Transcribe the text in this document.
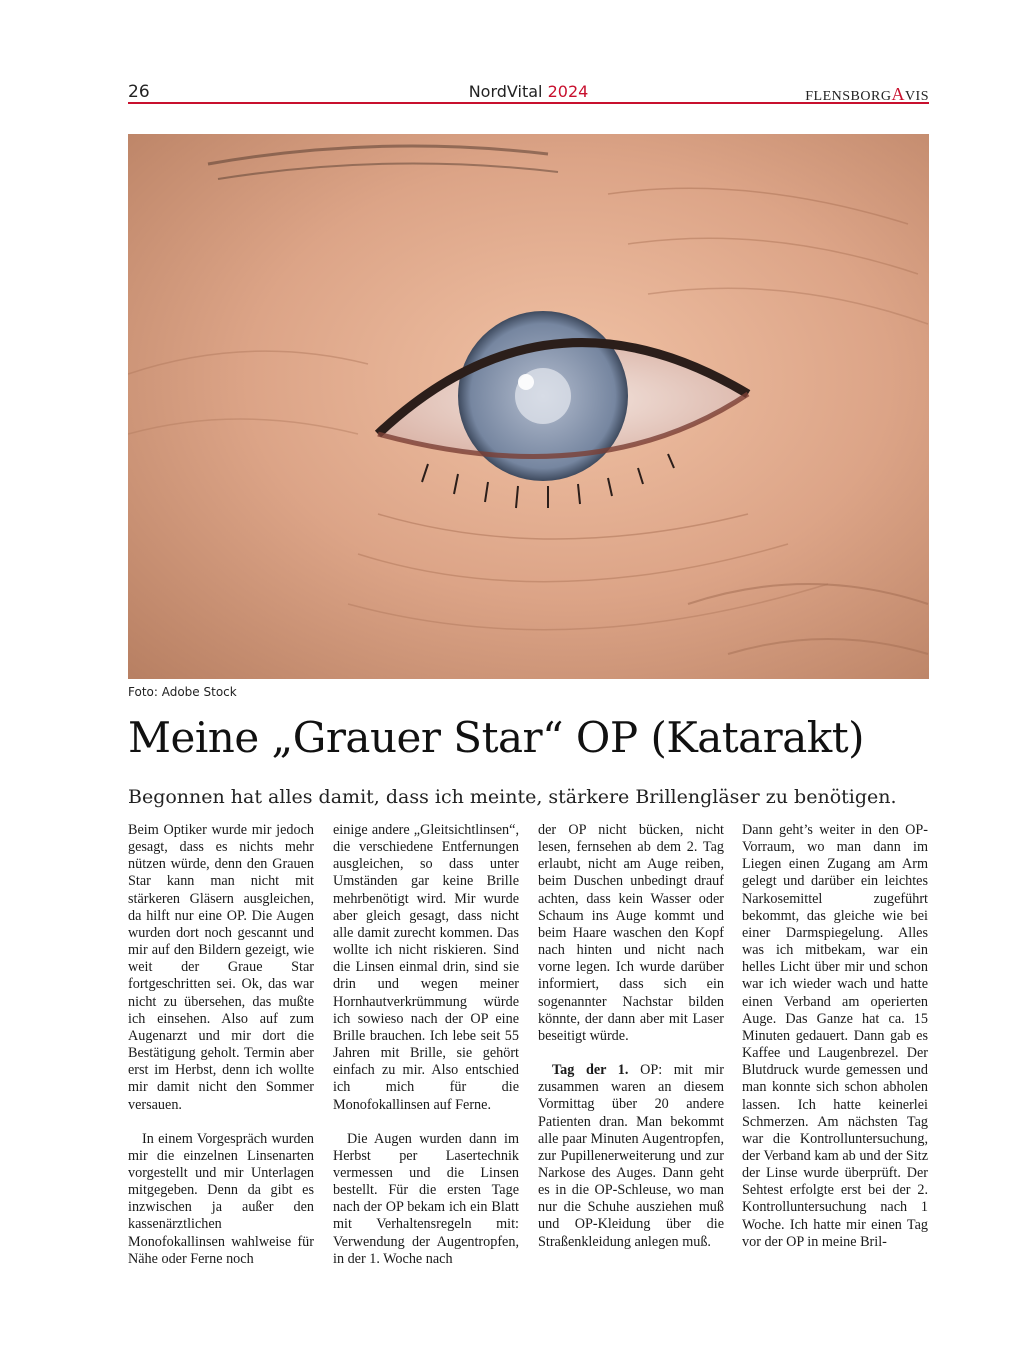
26	NordVital 2024	FLENSBORGAVIS
Foto: Adobe Stock
Meine „Grauer Star“ OP (Katarakt)
Begonnen hat alles damit, dass ich meinte, stärkere Brillengläser zu benötigen.

Beim Optiker wurde mir jedoch gesagt, dass es nichts mehr nützen würde, denn den Grauen Star kann man nicht mit stärkeren Gläsern ausgleichen, da hilft nur eine OP. Die Augen wurden dort noch gescannt und mir auf den Bildern gezeigt, wie weit der Graue Star fortgeschritten sei. Ok, das war nicht zu übersehen, das mußte ich einsehen. Also auf zum Augenarzt und mir dort die Bestätigung geholt. Termin aber erst im Herbst, denn ich wollte mir damit nicht den Sommer versauen.

In einem Vorgespräch wurden mir die einzelnen Linsenarten vorgestellt und mir Unterlagen mitgegeben. Denn da gibt es inzwischen ja außer den kassenärztlichen Monofokallinsen wahlweise für Nähe oder Ferne noch

einige andere „Gleitsichtlinsen“, die verschiedene Entfernungen ausgleichen, so dass unter Umständen gar keine Brille mehrbenötigt wird. Mir wurde aber gleich gesagt, dass nicht alle damit zurecht kommen. Das wollte ich nicht riskieren. Sind die Linsen einmal drin, sind sie drin und wegen meiner Hornhautverkrümmung würde ich sowieso nach der OP eine Brille brauchen. Ich lebe seit 55 Jahren mit Brille, sie gehört einfach zu mir. Also entschied ich mich für die Monofokallinsen auf Ferne.

Die Augen wurden dann im Herbst per Lasertechnik vermessen und die Linsen bestellt. Für die ersten Tage nach der OP bekam ich ein Blatt mit Verhaltensregeln mit: Verwendung der Augentropfen, in der 1. Woche nach

der OP nicht bücken, nicht lesen, fernsehen ab dem 2. Tag erlaubt, nicht am Auge reiben, beim Duschen unbedingt drauf achten, dass kein Wasser oder Schaum ins Auge kommt und beim Haare waschen den Kopf nach hinten und nicht nach vorne legen. Ich wurde darüber informiert, dass sich ein sogenannter Nachstar bilden könnte, der dann aber mit Laser beseitigt würde.

Tag der 1. OP: mit mir zusammen waren an diesem Vormittag über 20 andere Patienten dran. Man bekommt alle paar Minuten Augentropfen, zur Pupillenerweiterung und zur Narkose des Auges. Dann geht es in die OP-Schleuse, wo man nur die Schuhe ausziehen muß und OP-Kleidung über die Straßenkleidung anlegen muß.

Dann geht’s weiter in den OP-Vorraum, wo man dann im Liegen einen Zugang am Arm gelegt und darüber ein leichtes Narkosemittel zugeführt bekommt, das gleiche wie bei einer Darmspiegelung. Alles was ich mitbekam, war ein helles Licht über mir und schon war ich wieder wach und hatte einen Verband am operierten Auge. Das Ganze hat ca. 15 Minuten gedauert. Dann gab es Kaffee und Laugenbrezel. Der Blutdruck wurde gemessen und man konnte sich schon abholen lassen. Ich hatte keinerlei Schmerzen. Am nächsten Tag war die Kontrolluntersuchung, der Verband kam ab und der Sitz der Linse wurde überprüft. Der Sehtest erfolgte erst bei der 2. Kontrolluntersuchung nach 1 Woche. Ich hatte mir einen Tag vor der OP in meine Bril-
